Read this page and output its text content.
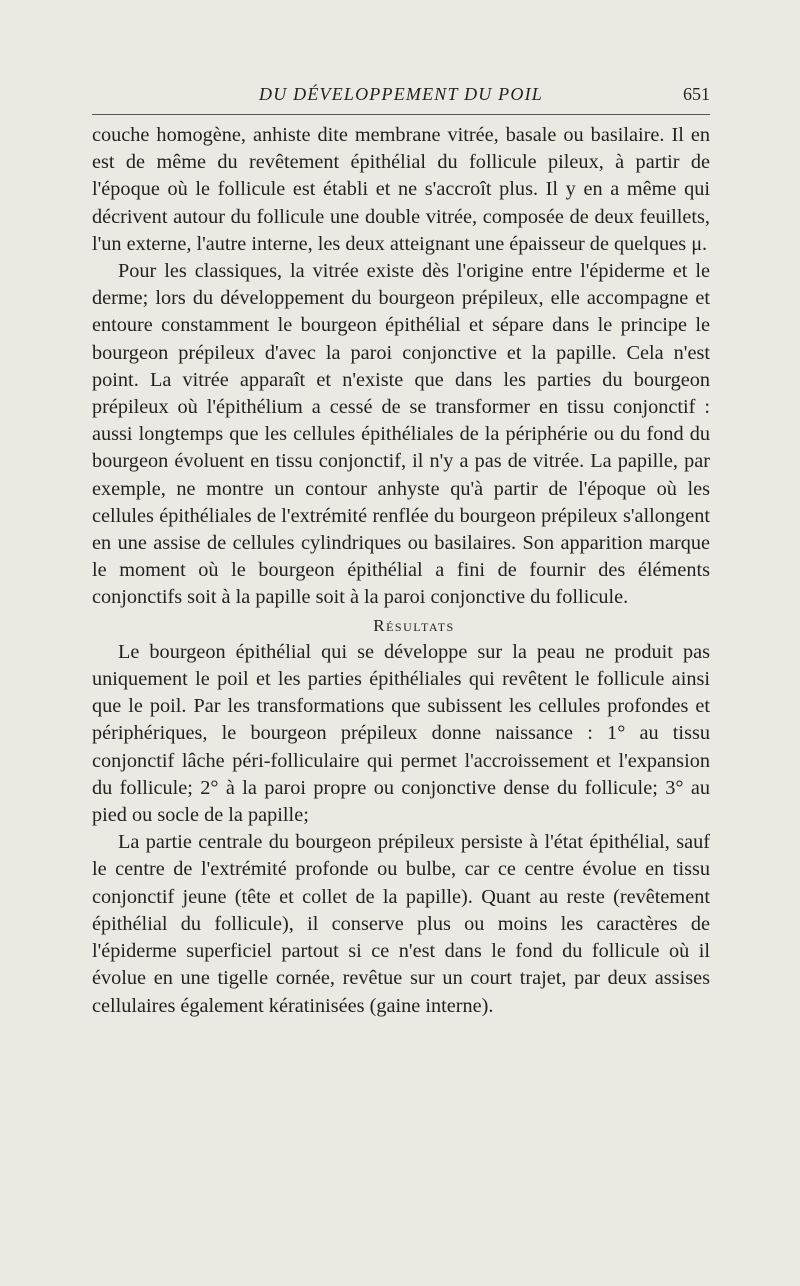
DU DÉVELOPPEMENT DU POIL	651

couche homogène, anhiste dite membrane vitrée, basale ou basilaire. Il en est de même du revêtement épithélial du follicule pileux, à partir de l'époque où le follicule est établi et ne s'accroît plus. Il y en a même qui décrivent autour du follicule une double vitrée, composée de deux feuillets, l'un externe, l'autre interne, les deux atteignant une épaisseur de quelques μ.

Pour les classiques, la vitrée existe dès l'origine entre l'épiderme et le derme; lors du développement du bourgeon prépileux, elle accompagne et entoure constamment le bourgeon épithélial et sépare dans le principe le bourgeon prépileux d'avec la paroi conjonctive et la papille. Cela n'est point. La vitrée apparaît et n'existe que dans les parties du bourgeon prépileux où l'épithélium a cessé de se transformer en tissu conjonctif : aussi longtemps que les cellules épithéliales de la périphérie ou du fond du bourgeon évoluent en tissu conjonctif, il n'y a pas de vitrée. La papille, par exemple, ne montre un contour anhyste qu'à partir de l'époque où les cellules épithéliales de l'extrémité renflée du bourgeon prépileux s'allongent en une assise de cellules cylindriques ou basilaires. Son apparition marque le moment où le bourgeon épithélial a fini de fournir des éléments conjonctifs soit à la papille soit à la paroi conjonctive du follicule.

Résultats

Le bourgeon épithélial qui se développe sur la peau ne produit pas uniquement le poil et les parties épithéliales qui revêtent le follicule ainsi que le poil. Par les transformations que subissent les cellules profondes et périphériques, le bourgeon prépileux donne naissance : 1° au tissu conjonctif lâche péri-folliculaire qui permet l'accroissement et l'expansion du follicule; 2° à la paroi propre ou conjonctive dense du follicule; 3° au pied ou socle de la papille;

La partie centrale du bourgeon prépileux persiste à l'état épithélial, sauf le centre de l'extrémité profonde ou bulbe, car ce centre évolue en tissu conjonctif jeune (tête et collet de la papille). Quant au reste (revêtement épithélial du follicule), il conserve plus ou moins les caractères de l'épiderme superficiel partout si ce n'est dans le fond du follicule où il évolue en une tigelle cornée, revêtue sur un court trajet, par deux assises cellulaires également kératinisées (gaine interne).
